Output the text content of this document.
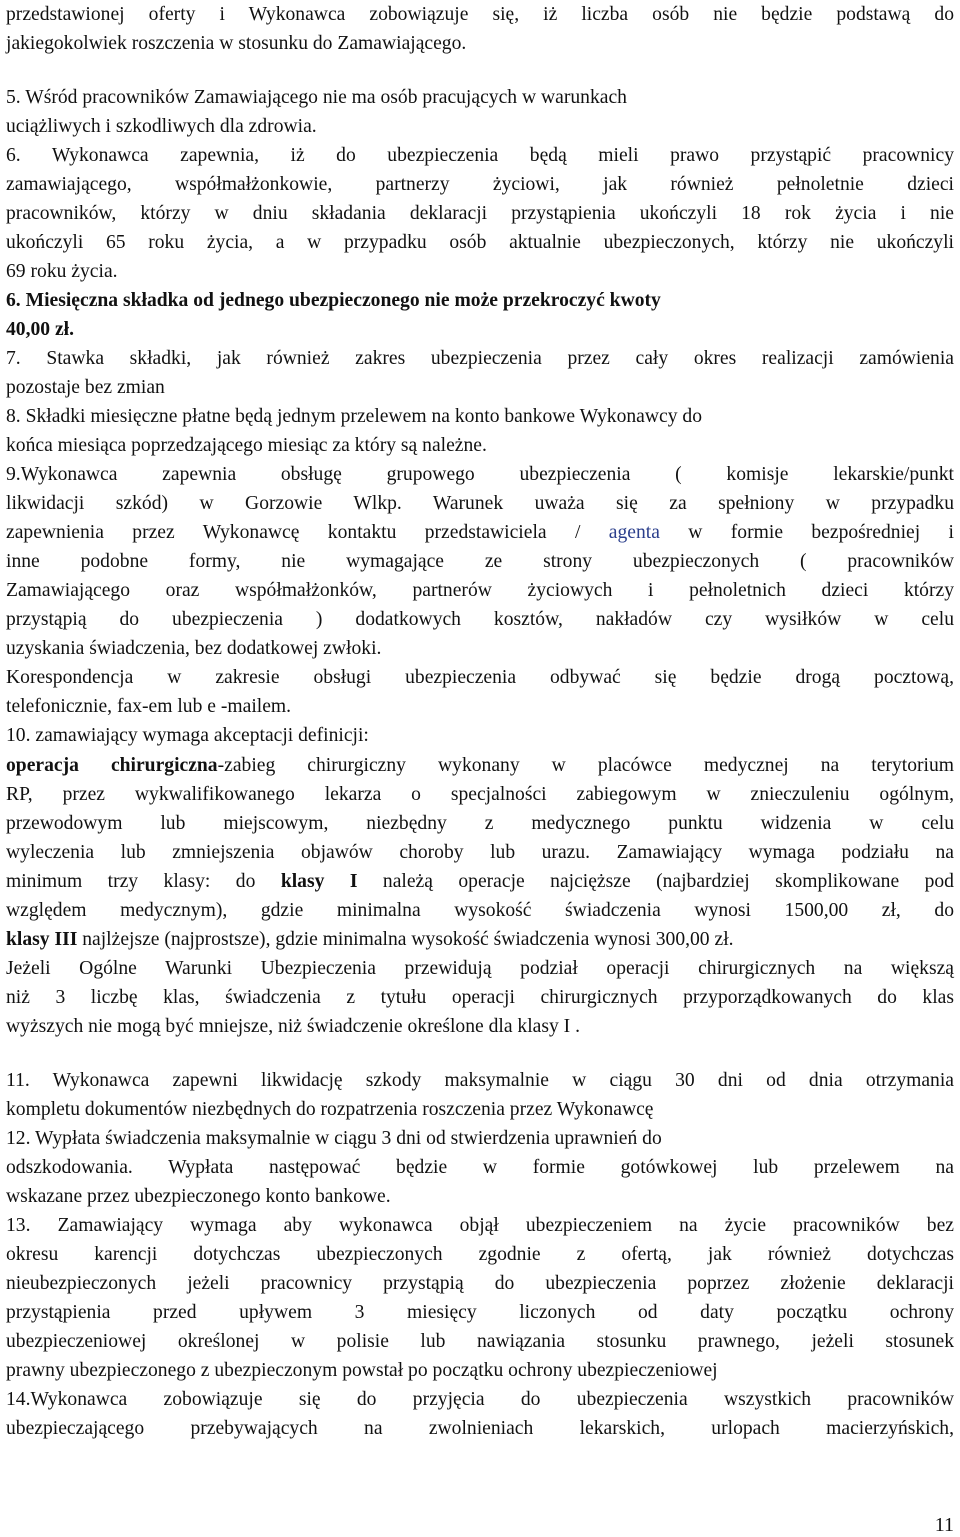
przedstawionej oferty i Wykonawca zobowiązuje się, iż liczba osób nie będzie podstawą do
jakiegokolwiek roszczenia w stosunku do Zamawiającego.
5. Wśród pracowników Zamawiającego nie ma osób pracujących w warunkach
uciążliwych i szkodliwych dla zdrowia.
6. Wykonawca zapewnia, iż do ubezpieczenia będą mieli prawo przystąpić pracownicy
zamawiającego, współmałżonkowie, partnerzy życiowi, jak również pełnoletnie dzieci
pracowników, którzy w dniu składania deklaracji przystąpienia ukończyli 18 rok życia i nie
ukończyli 65 roku życia, a w przypadku osób aktualnie ubezpieczonych, którzy nie ukończyli
69 roku życia.
6. Miesięczna składka od jednego ubezpieczonego nie może przekroczyć kwoty
40,00 zł.
7. Stawka składki, jak również zakres ubezpieczenia przez cały okres realizacji zamówienia
pozostaje bez zmian
8. Składki miesięczne płatne będą jednym przelewem na konto bankowe Wykonawcy do
końca miesiąca poprzedzającego miesiąc za który są należne.
9.Wykonawca zapewnia obsługę grupowego ubezpieczenia ( komisje lekarskie/punkt
likwidacji szkód) w Gorzowie Wlkp. Warunek uważa się za spełniony w przypadku
zapewnienia przez Wykonawcę kontaktu przedstawiciela / agenta w formie bezpośredniej i
inne podobne formy, nie wymagające ze strony ubezpieczonych ( pracowników
Zamawiającego oraz współmałżonków, partnerów życiowych i pełnoletnich dzieci którzy
przystąpią do ubezpieczenia ) dodatkowych kosztów, nakładów czy wysiłków w celu
uzyskania świadczenia, bez dodatkowej zwłoki.
Korespondencja w zakresie obsługi ubezpieczenia odbywać się będzie drogą pocztową,
telefonicznie, fax-em lub e -mailem.
10. zamawiający wymaga akceptacji definicji:
operacja chirurgiczna-zabieg chirurgiczny wykonany w placówce medycznej na terytorium
RP, przez wykwalifikowanego lekarza o specjalności zabiegowym w znieczuleniu ogólnym,
przewodowym lub miejscowym, niezbędny z medycznego punktu widzenia w celu
wyleczenia lub zmniejszenia objawów choroby lub urazu. Zamawiający wymaga podziału na
minimum trzy klasy: do klasy I należą operacje najcięższe (najbardziej skomplikowane pod
względem medycznym), gdzie minimalna wysokość świadczenia wynosi 1500,00 zł, do
klasy III najlżejsze (najprostsze), gdzie minimalna wysokość świadczenia wynosi 300,00 zł.
Jeżeli Ogólne Warunki Ubezpieczenia przewidują podział operacji chirurgicznych na większą
niż 3 liczbę klas, świadczenia z tytułu operacji chirurgicznych przyporządkowanych do klas
wyższych nie mogą być mniejsze, niż świadczenie określone dla klasy I .
11. Wykonawca zapewni likwidację szkody maksymalnie w ciągu 30 dni od dnia otrzymania
kompletu dokumentów niezbędnych do rozpatrzenia roszczenia przez Wykonawcę
12. Wypłata świadczenia maksymalnie w ciągu 3 dni od stwierdzenia uprawnień do
odszkodowania. Wypłata następować będzie w formie gotówkowej lub przelewem na
wskazane przez ubezpieczonego konto bankowe.
13. Zamawiający wymaga aby wykonawca objął ubezpieczeniem na życie pracowników bez
okresu karencji dotychczas ubezpieczonych zgodnie z ofertą, jak również dotychczas
nieubezpieczonych jeżeli pracownicy przystąpią do ubezpieczenia poprzez złożenie deklaracji
przystąpienia przed upływem 3 miesięcy liczonych od daty początku ochrony
ubezpieczeniowej określonej w polisie lub nawiązania stosunku prawnego, jeżeli stosunek
prawny ubezpieczonego z ubezpieczonym powstał po początku ochrony ubezpieczeniowej
14.Wykonawca zobowiązuje się do przyjęcia do ubezpieczenia wszystkich pracowników
ubezpieczającego przebywających na zwolnieniach lekarskich, urlopach macierzyńskich,
11
